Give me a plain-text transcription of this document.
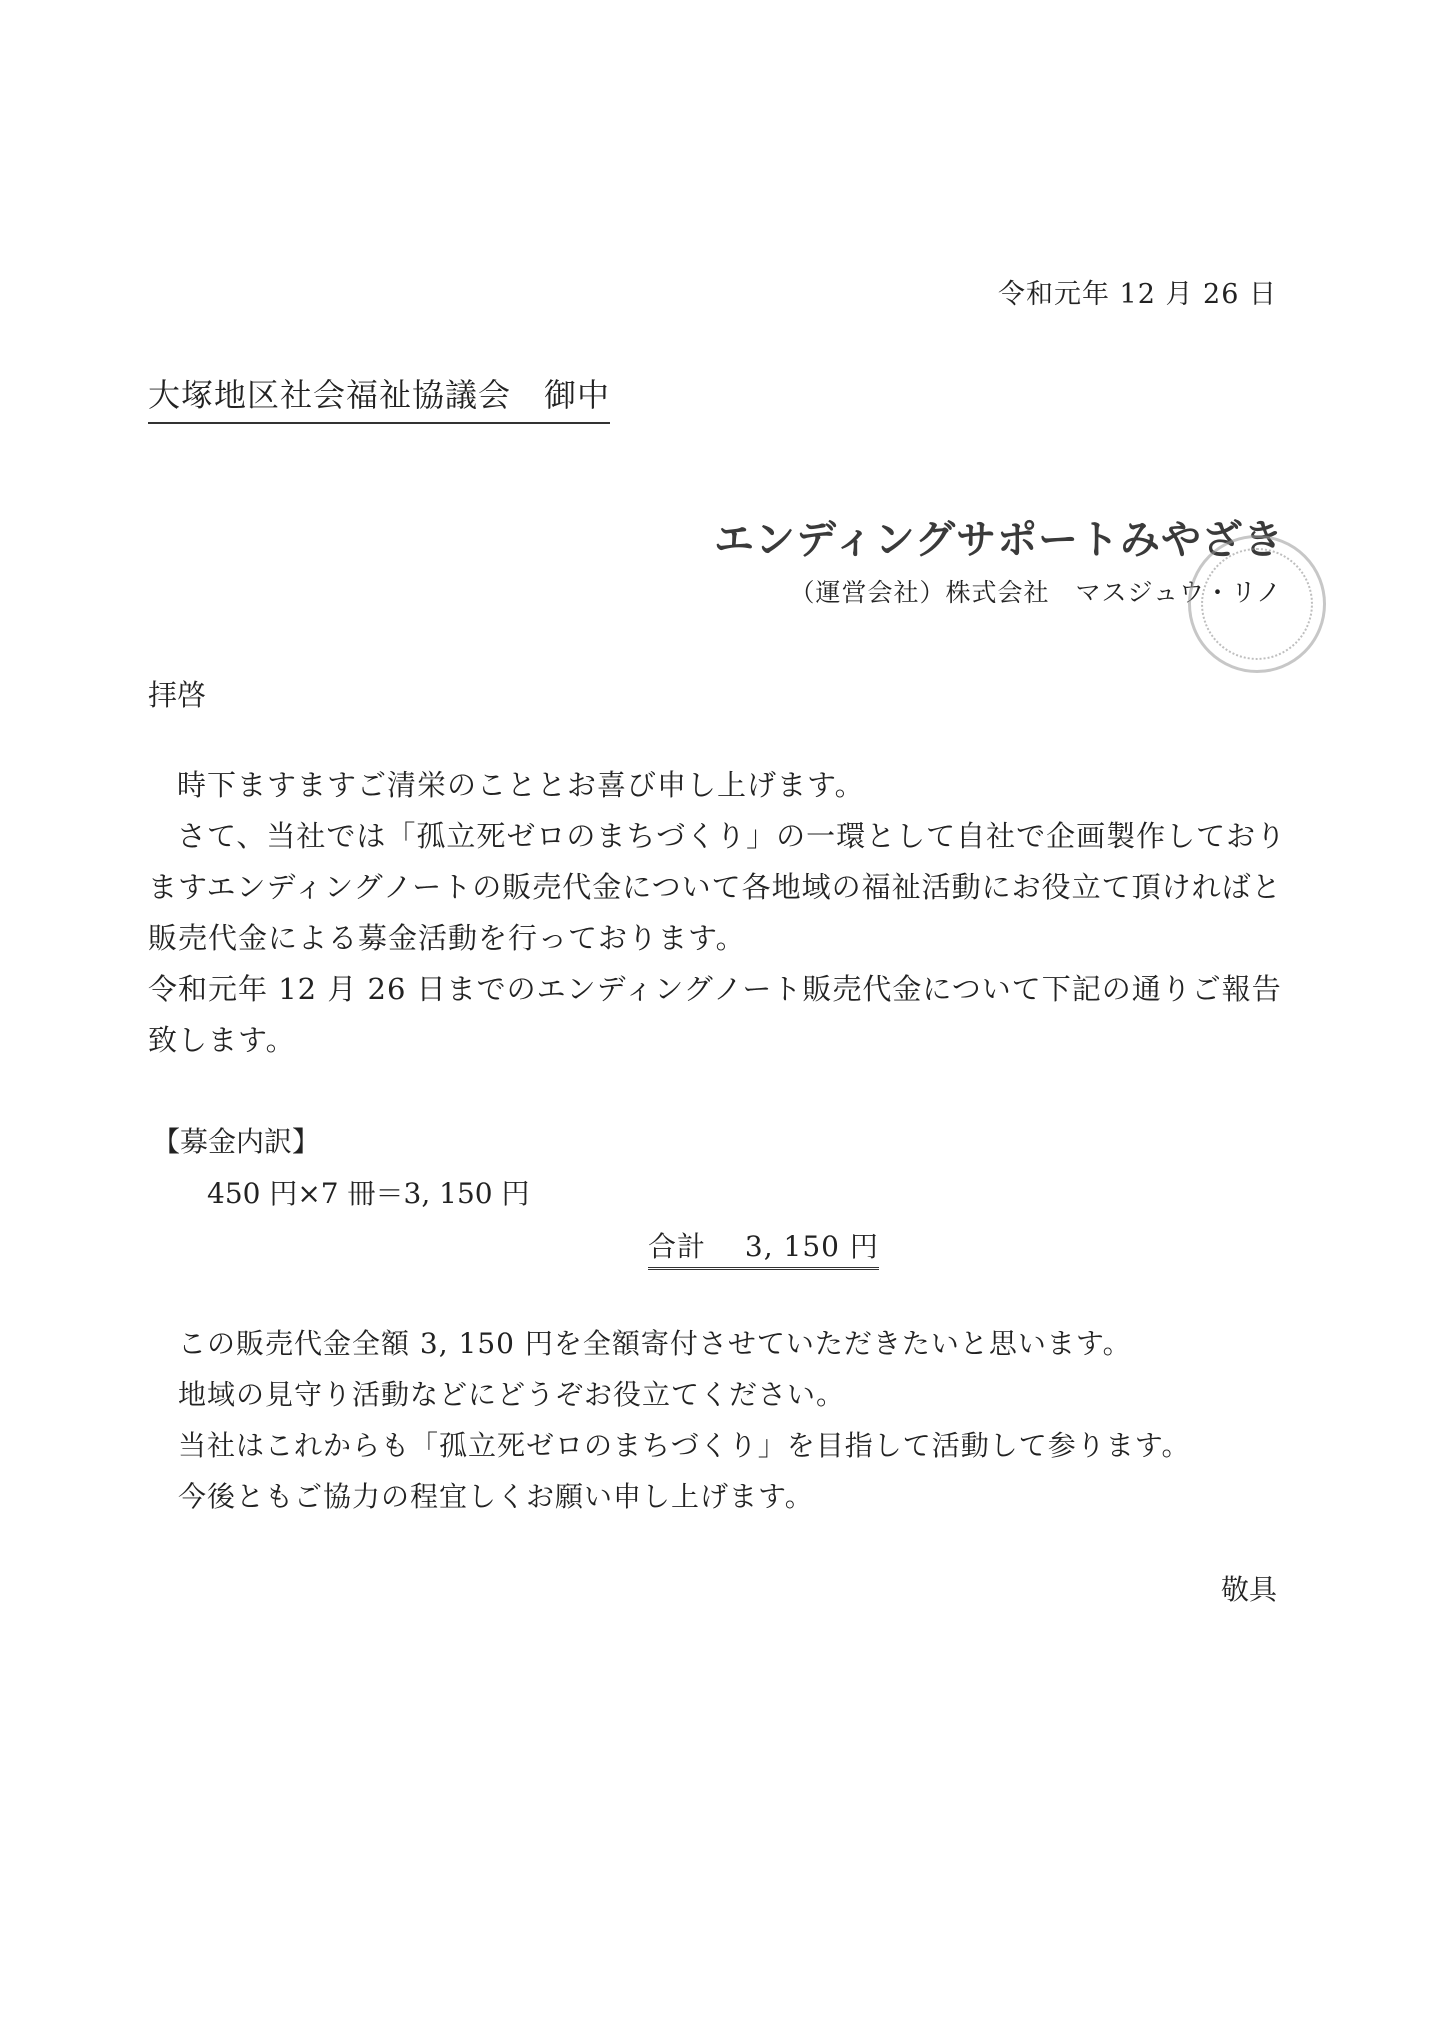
令和元年 12 月 26 日
大塚地区社会福祉協議会　御中
エンディングサポートみやざき
（運営会社）株式会社　マスジュウ・リノ
拝啓

時下ますますご清栄のこととお喜び申し上げます。

さて、当社では「孤立死ゼロのまちづくり」の一環として自社で企画製作しておりますエンディングノートの販売代金について各地域の福祉活動にお役立て頂ければと販売代金による募金活動を行っております。

令和元年 12 月 26 日までのエンディングノート販売代金について下記の通りご報告致します。

【募金内訳】
450 円×7 冊＝3, 150 円
合計　 3, 150 円

この販売代金全額 3, 150 円を全額寄付させていただきたいと思います。

地域の見守り活動などにどうぞお役立てください。

当社はこれからも「孤立死ゼロのまちづくり」を目指して活動して参ります。

今後ともご協力の程宜しくお願い申し上げます。

敬具
